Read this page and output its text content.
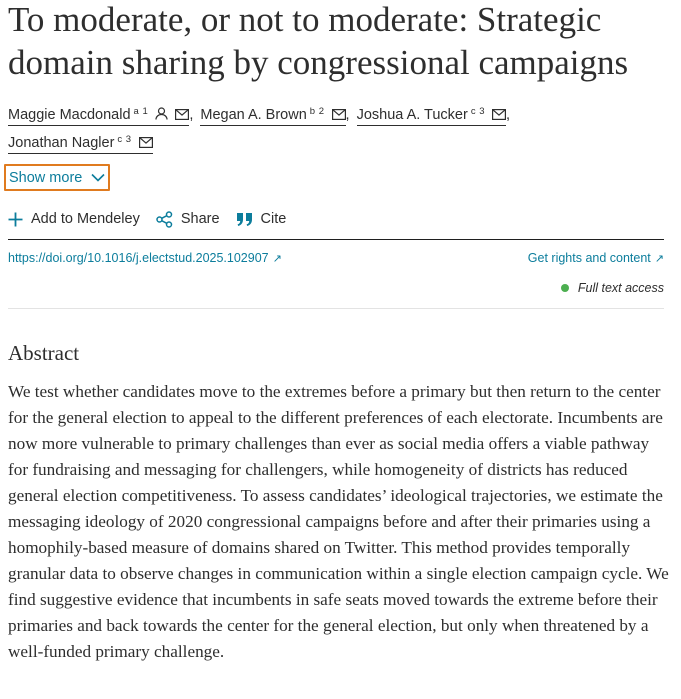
To moderate, or not to moderate: Strategic domain sharing by congressional campaigns
Maggie Macdonald $^{a 1}$	, Megan A. Brown $^{b 2}$ , Joshua A. Tucker $^{c 3}$ ,
Jonathan Nagler $^{c 3}$
Show more
Add to Mendeley	Share	Cite
https://doi.org/10.1016/j.electstud.2025.102907 ↗	Get rights and content ↗
Full text access
Abstract

We test whether candidates move to the extremes before a primary but then return to the center for the general election to appeal to the different preferences of each electorate. Incumbents are now more vulnerable to primary challenges than ever as social media offers a viable pathway for fundraising and messaging for challengers, while homogeneity of districts has reduced general election competitiveness. To assess candidates’ ideological trajectories, we estimate the messaging ideology of 2020 congressional campaigns before and after their primaries using a homophily-based measure of domains shared on Twitter. This method provides temporally granular data to observe changes in communication within a single election campaign cycle. We find suggestive evidence that incumbents in safe seats moved towards the extreme before their primaries and back towards the center for the general election, but only when threatened by a well-funded primary challenge.
